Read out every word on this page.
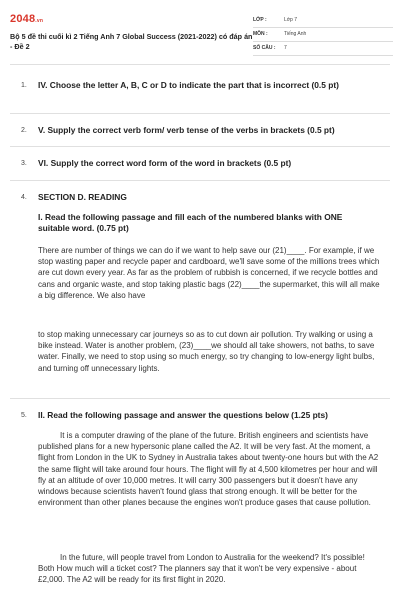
2048.vn
Bộ 5 đề thi cuối kì 2 Tiếng Anh 7 Global Success (2021-2022) có đáp án - Đề 2
LỚP :	Lớp 7
MÔN :	Tiếng Anh
SỐ CÂU : 7
1. IV. Choose the letter A, B, C or D to indicate the part that is incorrect (0.5 pt)
2. V. Supply the correct verb form/ verb tense of the verbs in brackets (0.5 pt)
3. VI. Supply the correct word form of the word in brackets (0.5 pt)
4. SECTION D. READING
I. Read the following passage and fill each of the numbered blanks with ONE suitable word. (0.75 pt)
There are number of things we can do if we want to help save our (21)____. For example, if we stop wasting paper and recycle paper and cardboard, we'll save some of the millions trees which are cut down every year. As far as the problem of rubbish is concerned, if we recycle bottles and cans and organic waste, and stop taking plastic bags (22)____the supermarket, this will all make a big difference. We also have
to stop making unnecessary car journeys so as to cut down air pollution. Try walking or using a bike instead. Water is another problem, (23)____we should all take showers, not baths, to save water. Finally, we need to stop using so much energy, so try changing to low-energy light bulbs, and turning off unnecessary lights.
5. II. Read the following passage and answer the questions below (1.25 pts)
It is a computer drawing of the plane of the future. British engineers and scientists have published plans for a new hypersonic plane called the A2. It will be very fast. At the moment, a flight from London in the UK to Sydney in Australia takes about twenty-one hours but with the A2 the same flight will take around four hours. The flight will fly at 4,500 kilometres per hour and will fly at an altitude of over 10,000 metres. It will carry 300 passengers but it doesn't have any windows because scientists haven't found glass that strong enough. It will be better for the environment than other planes because the engines won't produce gases that cause pollution.
In the future, will people travel from London to Australia for the weekend? It's possible! Both How much will a ticket cost? The planners say that it won't be very expensive - about £2,000. The A2 will be ready for its first flight in 2020.
